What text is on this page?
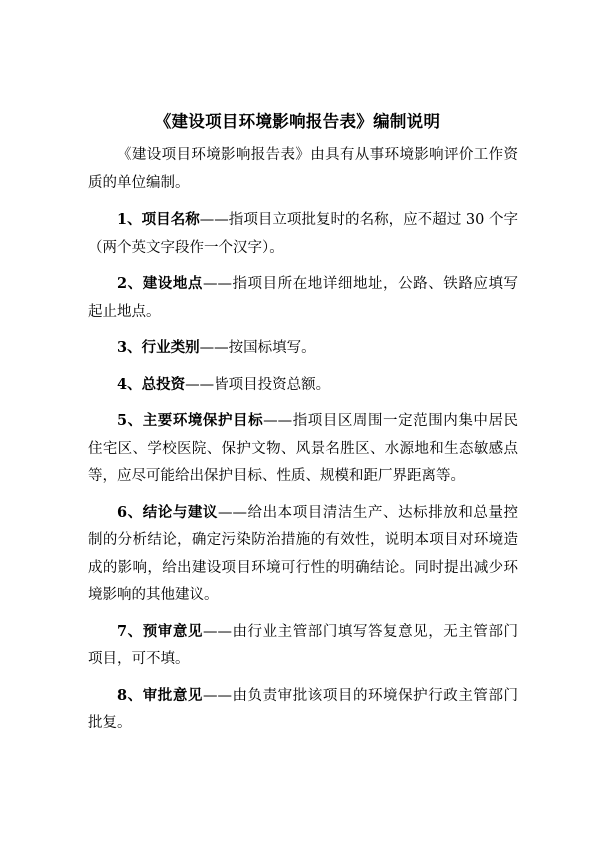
《建设项目环境影响报告表》编制说明

《建设项目环境影响报告表》由具有从事环境影响评价工作资质的单位编制。

1、项目名称——指项目立项批复时的名称，应不超过 30 个字（两个英文字段作一个汉字）。

2、建设地点——指项目所在地详细地址，公路、铁路应填写起止地点。

3、行业类别——按国标填写。

4、总投资——皆项目投资总额。

5、主要环境保护目标——指项目区周围一定范围内集中居民住宅区、学校医院、保护文物、风景名胜区、水源地和生态敏感点等，应尽可能给出保护目标、性质、规模和距厂界距离等。

6、结论与建议——给出本项目清洁生产、达标排放和总量控制的分析结论，确定污染防治措施的有效性，说明本项目对环境造成的影响，给出建设项目环境可行性的明确结论。同时提出减少环境影响的其他建议。

7、预审意见——由行业主管部门填写答复意见，无主管部门项目，可不填。

8、审批意见——由负责审批该项目的环境保护行政主管部门批复。
